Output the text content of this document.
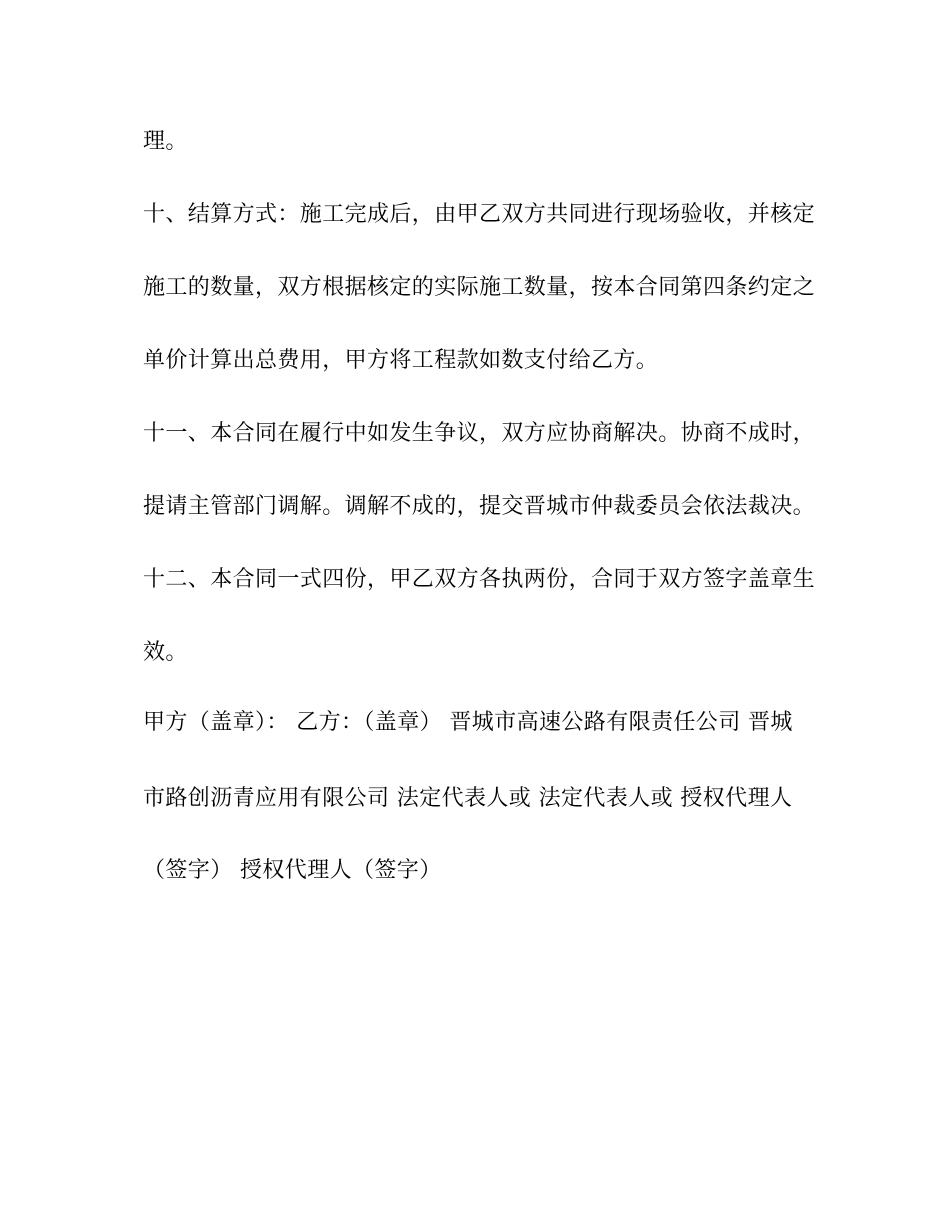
理。
十、结算方式：施工完成后，由甲乙双方共同进行现场验收，并核定
施工的数量，双方根据核定的实际施工数量，按本合同第四条约定之
单价计算出总费用，甲方将工程款如数支付给乙方。
十一、本合同在履行中如发生争议，双方应协商解决。协商不成时，
提请主管部门调解。调解不成的，提交晋城市仲裁委员会依法裁决。
十二、本合同一式四份，甲乙双方各执两份，合同于双方签字盖章生
效。
甲方（盖章）： 乙方：（盖章） 晋城市高速公路有限责任公司 晋城
市路创沥青应用有限公司 法定代表人或 法定代表人或 授权代理人
（签字） 授权代理人（签字）
